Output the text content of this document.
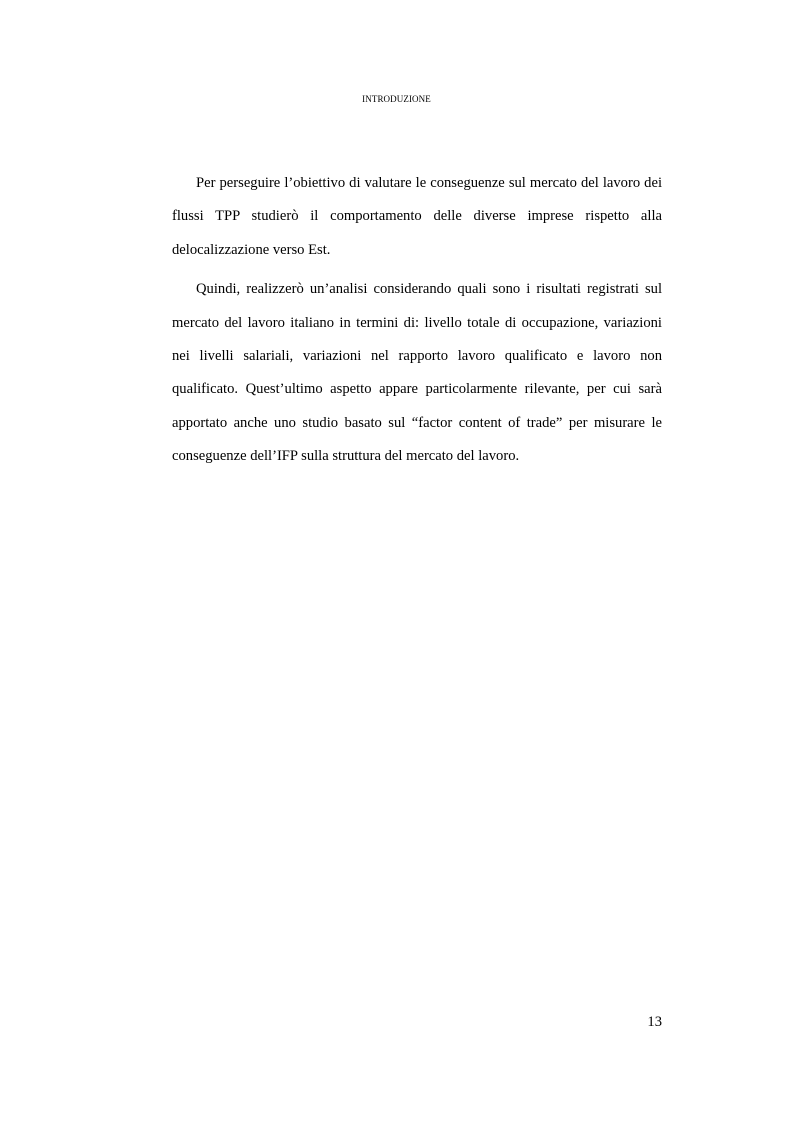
INTRODUZIONE

Per perseguire l’obiettivo di valutare le conseguenze sul mercato del lavoro dei flussi TPP studierò il comportamento delle diverse imprese rispetto alla delocalizzazione verso Est.

Quindi, realizzerò un’analisi considerando quali sono i risultati registrati sul mercato del lavoro italiano in termini di: livello totale di occupazione, variazioni nei livelli salariali, variazioni nel rapporto lavoro qualificato e lavoro non qualificato. Quest’ultimo aspetto appare particolarmente rilevante, per cui sarà apportato anche uno studio basato sul “factor content of trade” per misurare le conseguenze dell’IFP sulla struttura del mercato del lavoro.

13
